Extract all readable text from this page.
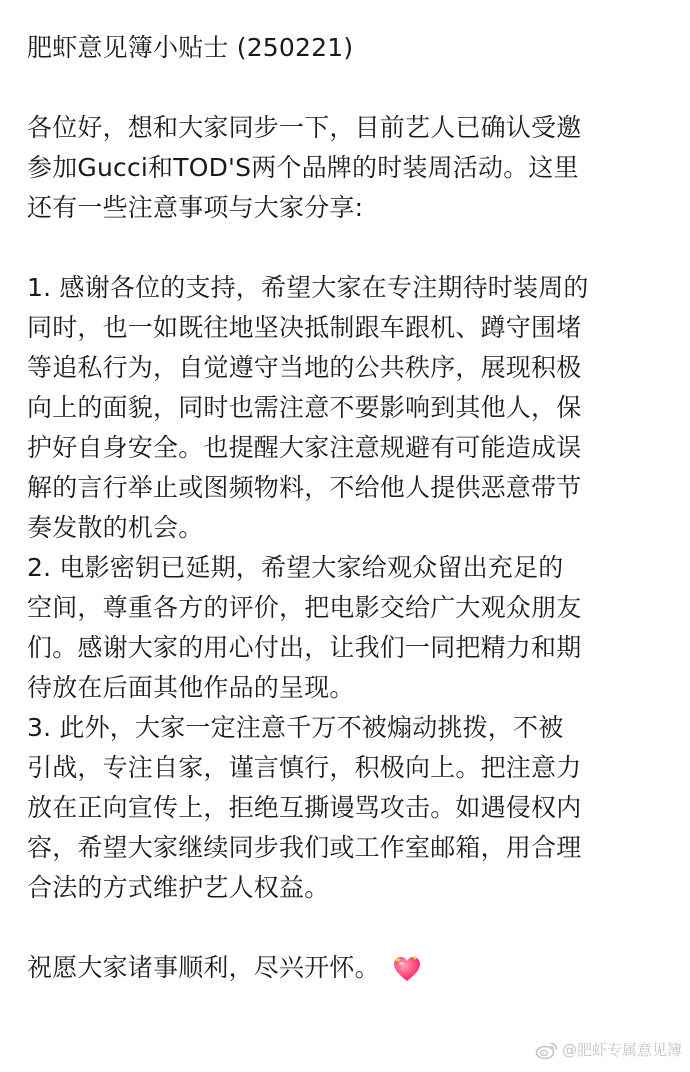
肥虾意见簿小贴士 (250221)
各位好，想和大家同步一下，目前艺人已确认受邀
参加Gucci和TOD'S两个品牌的时装周活动。这里
还有一些注意事项与大家分享:
1. 感谢各位的支持，希望大家在专注期待时装周的
同时，也一如既往地坚决抵制跟车跟机、蹲守围堵
等追私行为，自觉遵守当地的公共秩序，展现积极
向上的面貌，同时也需注意不要影响到其他人，保
护好自身安全。也提醒大家注意规避有可能造成误
解的言行举止或图频物料，不给他人提供恶意带节
奏发散的机会。
2. 电影密钥已延期，希望大家给观众留出充足的
空间，尊重各方的评价，把电影交给广大观众朋友
们。感谢大家的用心付出，让我们一同把精力和期
待放在后面其他作品的呈现。
3. 此外，大家一定注意千万不被煽动挑拨，不被
引战，专注自家，谨言慎行，积极向上。把注意力
放在正向宣传上，拒绝互撕谩骂攻击。如遇侵权内
容，希望大家继续同步我们或工作室邮箱，用合理
合法的方式维护艺人权益。
祝愿大家诸事顺利，尽兴开怀。
@肥虾专属意见簿
